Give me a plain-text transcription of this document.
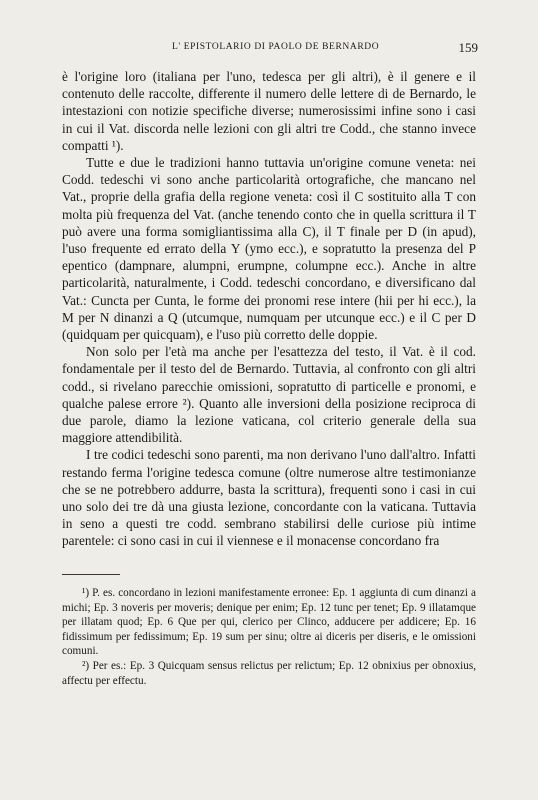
L' EPISTOLARIO DI PAOLO DE BERNARDO	159

è l'origine loro (italiana per l'uno, tedesca per gli altri), è il genere e il contenuto delle raccolte, differente il numero delle lettere di de Bernardo, le intestazioni con notizie specifiche diverse; numerosissimi infine sono i casi in cui il Vat. discorda nelle lezioni con gli altri tre Codd., che stanno invece compatti ¹).

Tutte e due le tradizioni hanno tuttavia un'origine comune veneta: nei Codd. tedeschi vi sono anche particolarità ortografiche, che mancano nel Vat., proprie della grafia della regione veneta: così il C sostituito alla T con molta più frequenza del Vat. (anche tenendo conto che in quella scrittura il T può avere una forma somigliantissima alla C), il T finale per D (in apud), l'uso frequente ed errato della Y (ymo ecc.), e sopratutto la presenza del P epentico (dampnare, alumpni, erumpne, columpne ecc.). Anche in altre particolarità, naturalmente, i Codd. tedeschi concordano, e diversificano dal Vat.: Cuncta per Cunta, le forme dei pronomi rese intere (hii per hi ecc.), la M per N dinanzi a Q (utcumque, numquam per utcunque ecc.) e il C per D (quidquam per quicquam), e l'uso più corretto delle doppie.

Non solo per l'età ma anche per l'esattezza del testo, il Vat. è il cod. fondamentale per il testo del de Bernardo. Tuttavia, al confronto con gli altri codd., si rivelano parecchie omissioni, sopratutto di particelle e pronomi, e qualche palese errore ²). Quanto alle inversioni della posizione reciproca di due parole, diamo la lezione vaticana, col criterio generale della sua maggiore attendibilità.

I tre codici tedeschi sono parenti, ma non derivano l'uno dall'altro. Infatti restando ferma l'origine tedesca comune (oltre numerose altre testimonianze che se ne potrebbero addurre, basta la scrittura), frequenti sono i casi in cui uno solo dei tre dà una giusta lezione, concordante con la vaticana. Tuttavia in seno a questi tre codd. sembrano stabilirsi delle curiose più intime parentele: ci sono casi in cui il viennese e il monacense concordano fra

¹) P. es. concordano in lezioni manifestamente erronee: Ep. 1 aggiunta di cum dinanzi a michi; Ep. 3 noveris per moveris; denique per enim; Ep. 12 tunc per tenet; Ep. 9 illatamque per illatam quod; Ep. 6 Que per qui, clerico per Clinco, adducere per addicere; Ep. 16 fidissimum per fedissimum; Ep. 19 sum per sinu; oltre ai diceris per diseris, e le omissioni comuni.

²) Per es.: Ep. 3 Quicquam sensus relictus per relictum; Ep. 12 obnixius per obnoxius, affectu per effectu.
